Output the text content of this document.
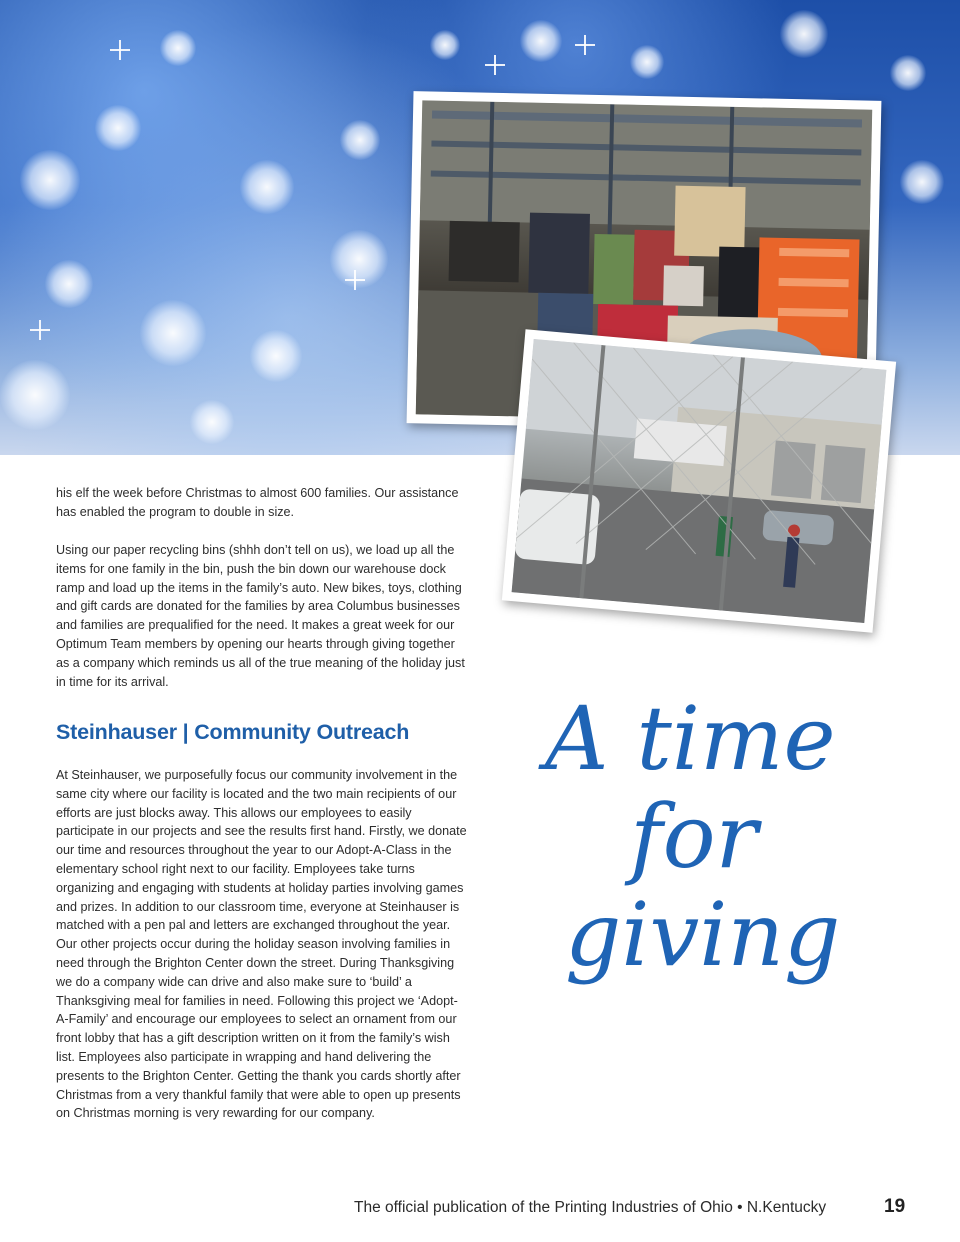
his elf the week before Christmas to almost 600 families. Our assistance has enabled the program to double in size.

Using our paper recycling bins (shhh don’t tell on us), we load up all the items for one family in the bin, push the bin down our warehouse dock ramp and load up the items in the family’s auto. New bikes, toys, clothing and gift cards are donated for the families by area Columbus businesses and families are prequalified for the need. It makes a great week for our Optimum Team members by opening our hearts through giving together as a company which reminds us all of the true meaning of the holiday just in time for its arrival.

Steinhauser | Community Outreach

At Steinhauser, we purposefully focus our community involvement in the same city where our facility is located and the two main recipients of our efforts are just blocks away. This allows our employees to easily participate in our projects and see the results first hand. Firstly, we donate our time and resources throughout the year to our Adopt-A-Class in the elementary school right next to our facility. Employees take turns organizing and engaging with students at holiday parties involving games and prizes. In addition to our classroom time, everyone at Steinhauser is matched with a pen pal and letters are exchanged throughout the year. Our other projects occur during the holiday season involving families in need through the Brighton Center down the street. During Thanksgiving we do a company wide can drive and also make sure to ‘build’ a Thanksgiving meal for families in need. Following this project we ‘Adopt-A-Family’ and encourage our employees to select an ornament from our front lobby that has a gift description written on it from the family’s wish list. Employees also participate in wrapping and hand delivering the presents to the Brighton Center. Getting the thank you cards shortly after Christmas from a very thankful family that were able to open up presents on Christmas morning is very rewarding for our company.

A time
for
giving
The official publication of the Printing Industries of Ohio • N.Kentucky	19
